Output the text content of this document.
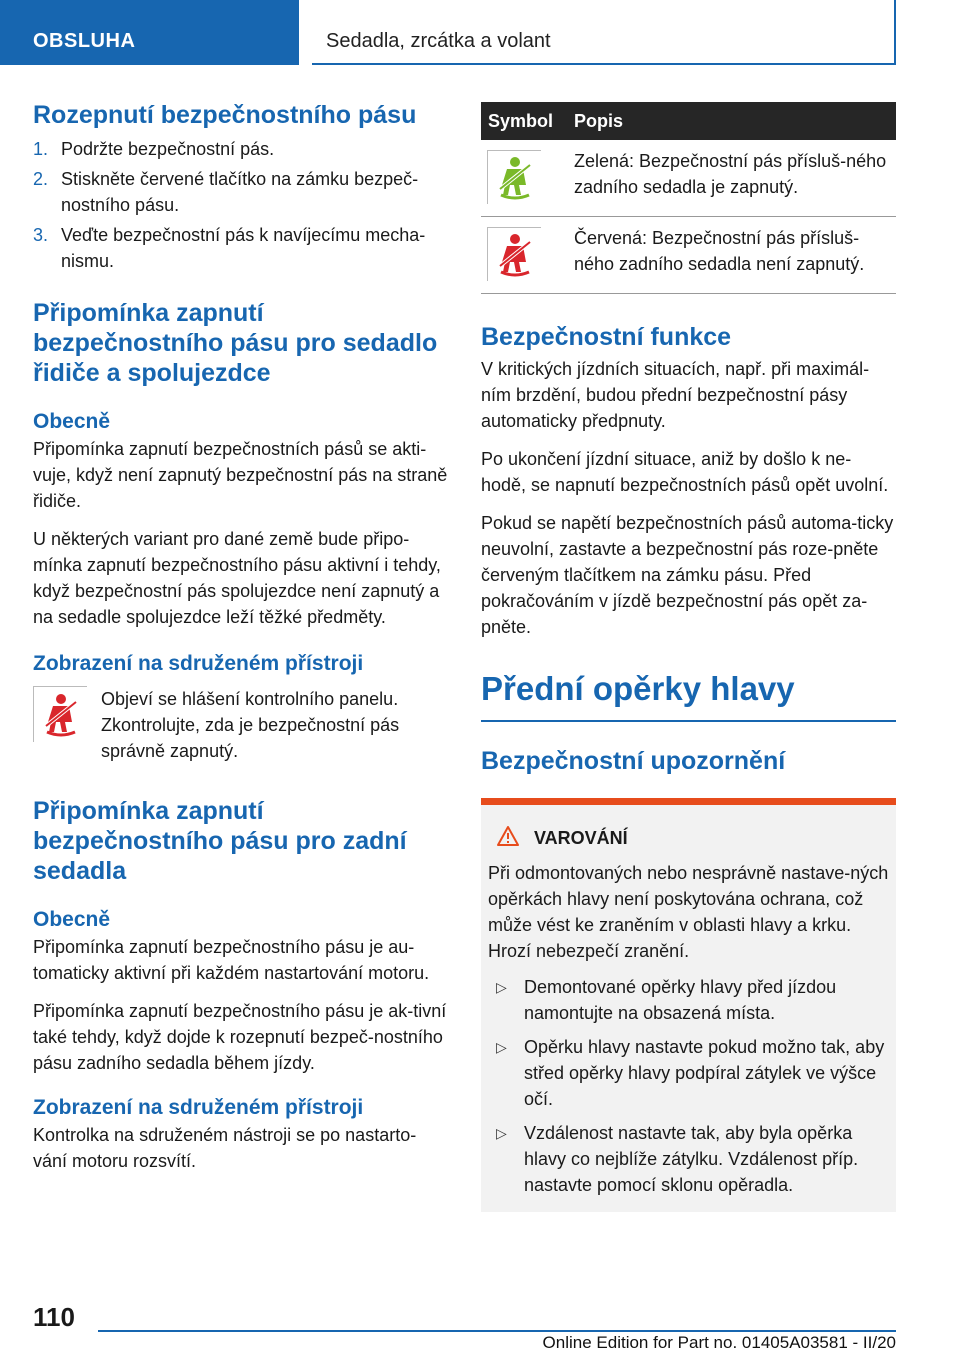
OBSLUHA	Sedadla, zrcátka a volant
Rozepnutí bezpečnostního pásu
1. Podržte bezpečnostní pás.
2. Stiskněte červené tlačítko na zámku bezpeč‐nostního pásu.
3. Veďte bezpečnostní pás k navíjecímu mecha‐nismu.
Připomínka zapnutí bezpečnostního pásu pro sedadlo řidiče a spolujezdce
Obecně

Připomínka zapnutí bezpečnostních pásů se akti‐vuje, když není zapnutý bezpečnostní pás na straně řidiče.

U některých variant pro dané země bude připo‐mínka zapnutí bezpečnostního pásu aktivní i tehdy, když bezpečnostní pás spolujezdce není zapnutý a na sedadle spolujezdce leží těžké předměty.

Zobrazení na sdruženém přístroji

Objeví se hlášení kontrolního panelu. Zkontrolujte, zda je bezpečnostní pás správně zapnutý.

Připomínka zapnutí bezpečnostního pásu pro zadní sedadla
Obecně

Připomínka zapnutí bezpečnostního pásu je au‐tomaticky aktivní při každém nastartování motoru.

Připomínka zapnutí bezpečnostního pásu je ak‐tivní také tehdy, když dojde k rozepnutí bezpeč‐nostního pásu zadního sedadla během jízdy.

Zobrazení na sdruženém přístroji

Kontrolka na sdruženém nástroji se po nastarto‐vání motoru rozsvítí.

Symbol	Popis

	Zelená: Bezpečnostní pás přísluš‐ného zadního sedadla je zapnutý.

	Červená: Bezpečnostní pás přísluš‐ného zadního sedadla není zapnutý.
Bezpečnostní funkce

V kritických jízdních situacích, např. při maximál‐ním brzdění, budou přední bezpečnostní pásy automaticky předpnuty.

Po ukončení jízdní situace, aniž by došlo k ne‐hodě, se napnutí bezpečnostních pásů opět uvolní.

Pokud se napětí bezpečnostních pásů automa‐ticky neuvolní, zastavte a bezpečnostní pás roze‐pněte červeným tlačítkem na zámku pásu. Před pokračováním v jízdě bezpečnostní pás opět za‐pněte.

Přední opěrky hlavy
Bezpečnostní upozornění
VAROVÁNÍ

Při odmontovaných nebo nesprávně nastave‐ných opěrkách hlavy není poskytována ochrana, což může vést ke zraněním v oblasti hlavy a krku. Hrozí nebezpečí zranění.

▷ Demontované opěrky hlavy před jízdou namontujte na obsazená místa.
▷ Opěrku hlavy nastavte pokud možno tak, aby střed opěrky hlavy podpíral zátylek ve výšce očí.
▷ Vzdálenost nastavte tak, aby byla opěrka hlavy co nejblíže zátylku. Vzdálenost příp. nastavte pomocí sklonu opěradla.
110
Online Edition for Part no. 01405A03581 - II/20
